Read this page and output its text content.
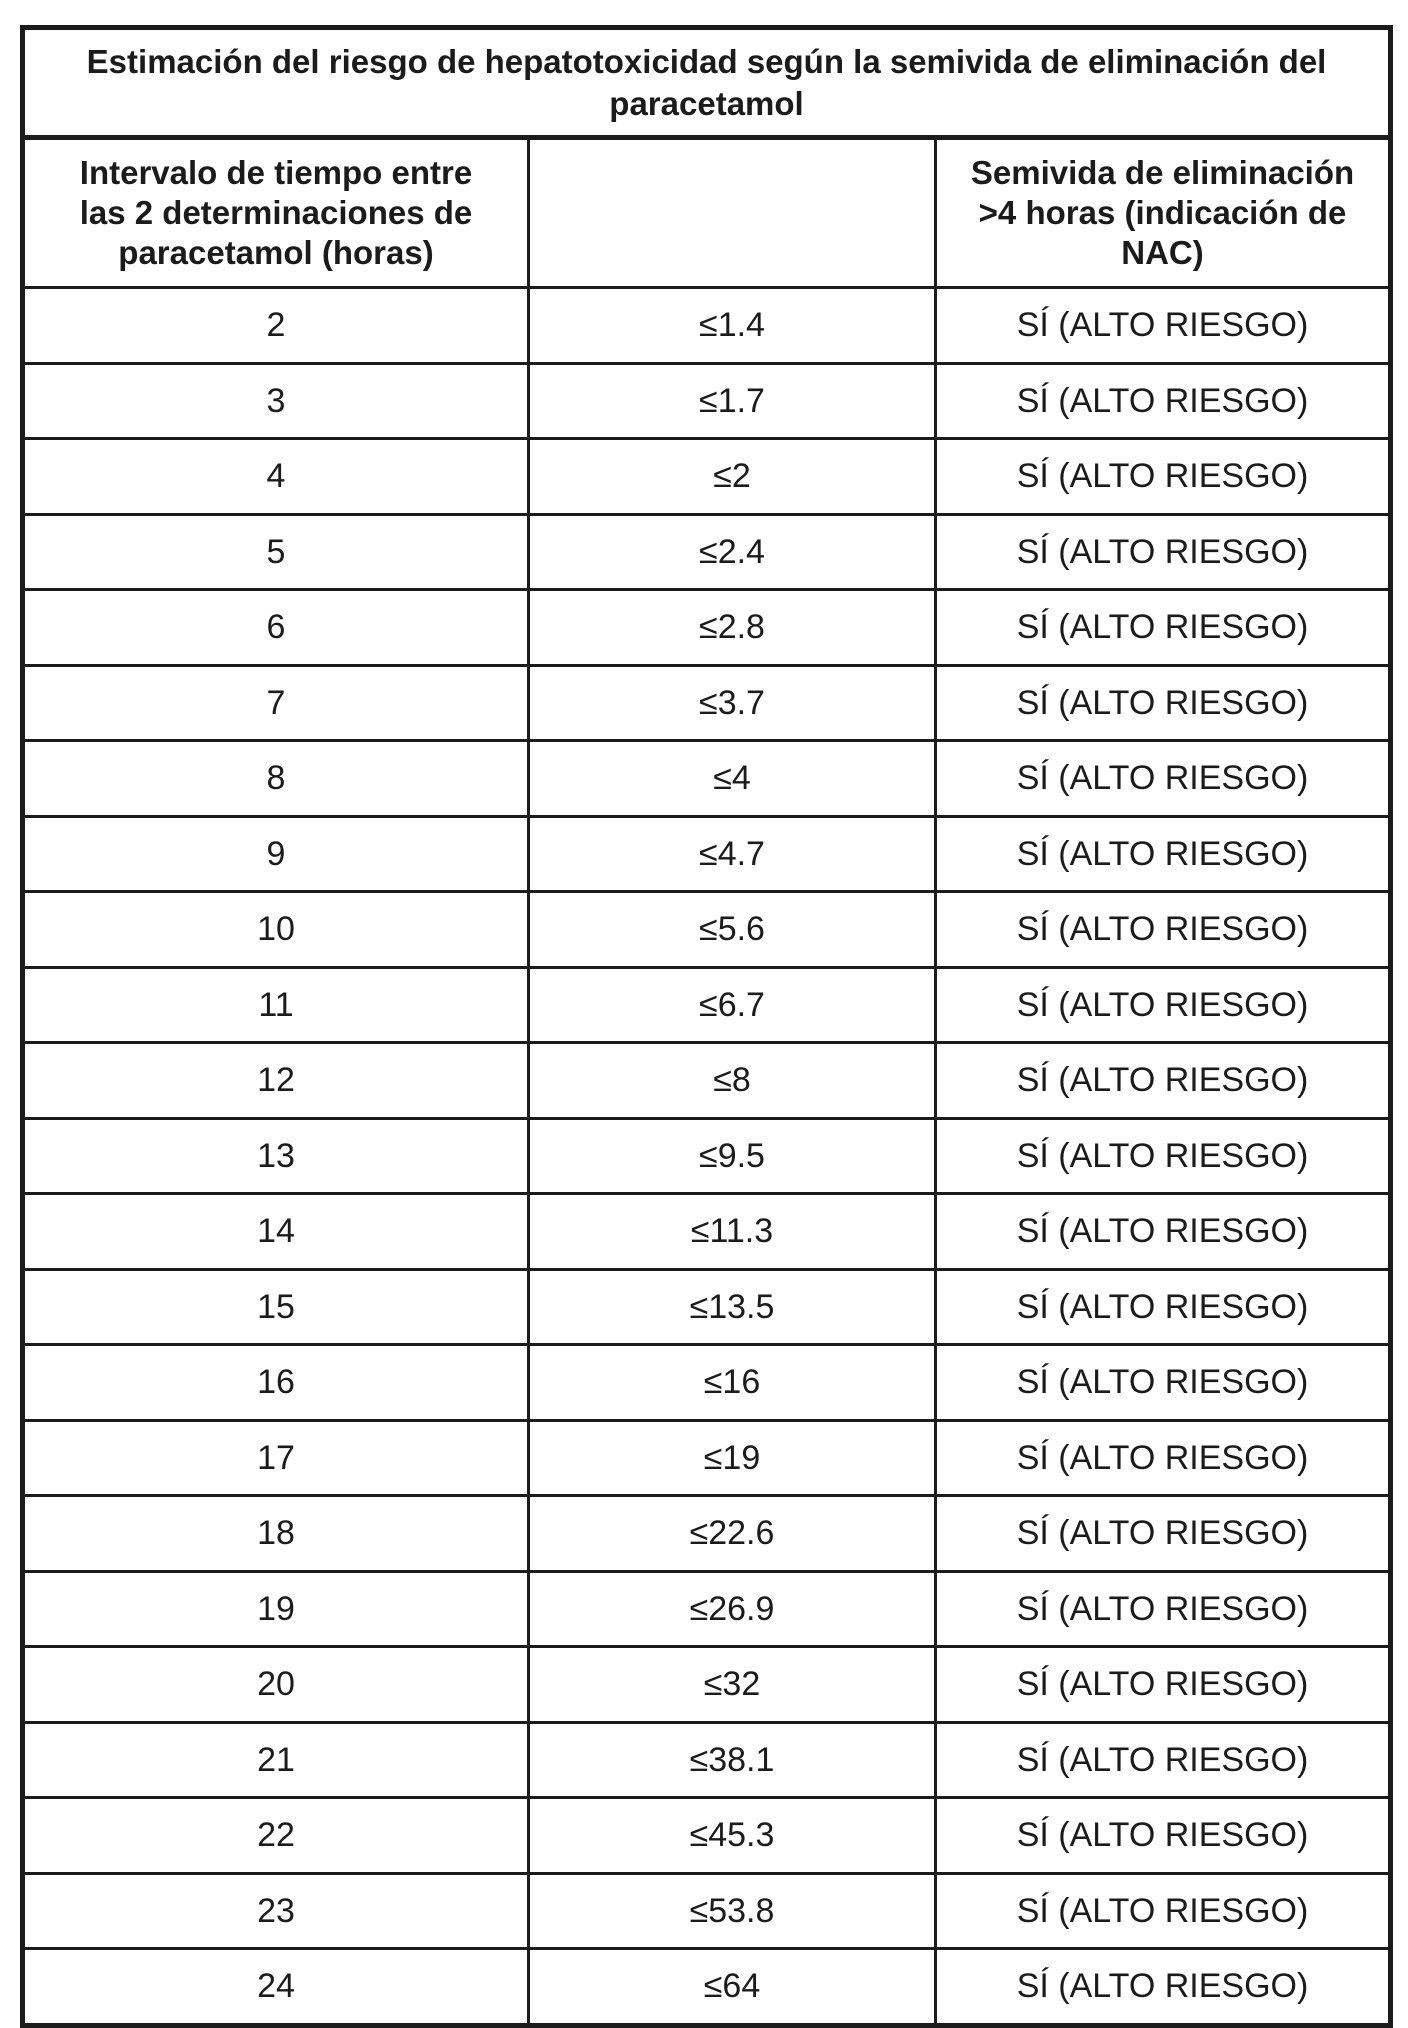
Estimación del riesgo de hepatotoxicidad según la semivida de eliminación del paracetamol		
Intervalo de tiempo entre las 2 determinaciones de paracetamol (horas)		Semivida de eliminación >4 horas (indicación de NAC)
2	≤1.4	SÍ (ALTO RIESGO)
3	≤1.7	SÍ (ALTO RIESGO)
4	≤2	SÍ (ALTO RIESGO)
5	≤2.4	SÍ (ALTO RIESGO)
6	≤2.8	SÍ (ALTO RIESGO)
7	≤3.7	SÍ (ALTO RIESGO)
8	≤4	SÍ (ALTO RIESGO)
9	≤4.7	SÍ (ALTO RIESGO)
10	≤5.6	SÍ (ALTO RIESGO)
11	≤6.7	SÍ (ALTO RIESGO)
12	≤8	SÍ (ALTO RIESGO)
13	≤9.5	SÍ (ALTO RIESGO)
14	≤11.3	SÍ (ALTO RIESGO)
15	≤13.5	SÍ (ALTO RIESGO)
16	≤16	SÍ (ALTO RIESGO)
17	≤19	SÍ (ALTO RIESGO)
18	≤22.6	SÍ (ALTO RIESGO)
19	≤26.9	SÍ (ALTO RIESGO)
20	≤32	SÍ (ALTO RIESGO)
21	≤38.1	SÍ (ALTO RIESGO)
22	≤45.3	SÍ (ALTO RIESGO)
23	≤53.8	SÍ (ALTO RIESGO)
24	≤64	SÍ (ALTO RIESGO)
